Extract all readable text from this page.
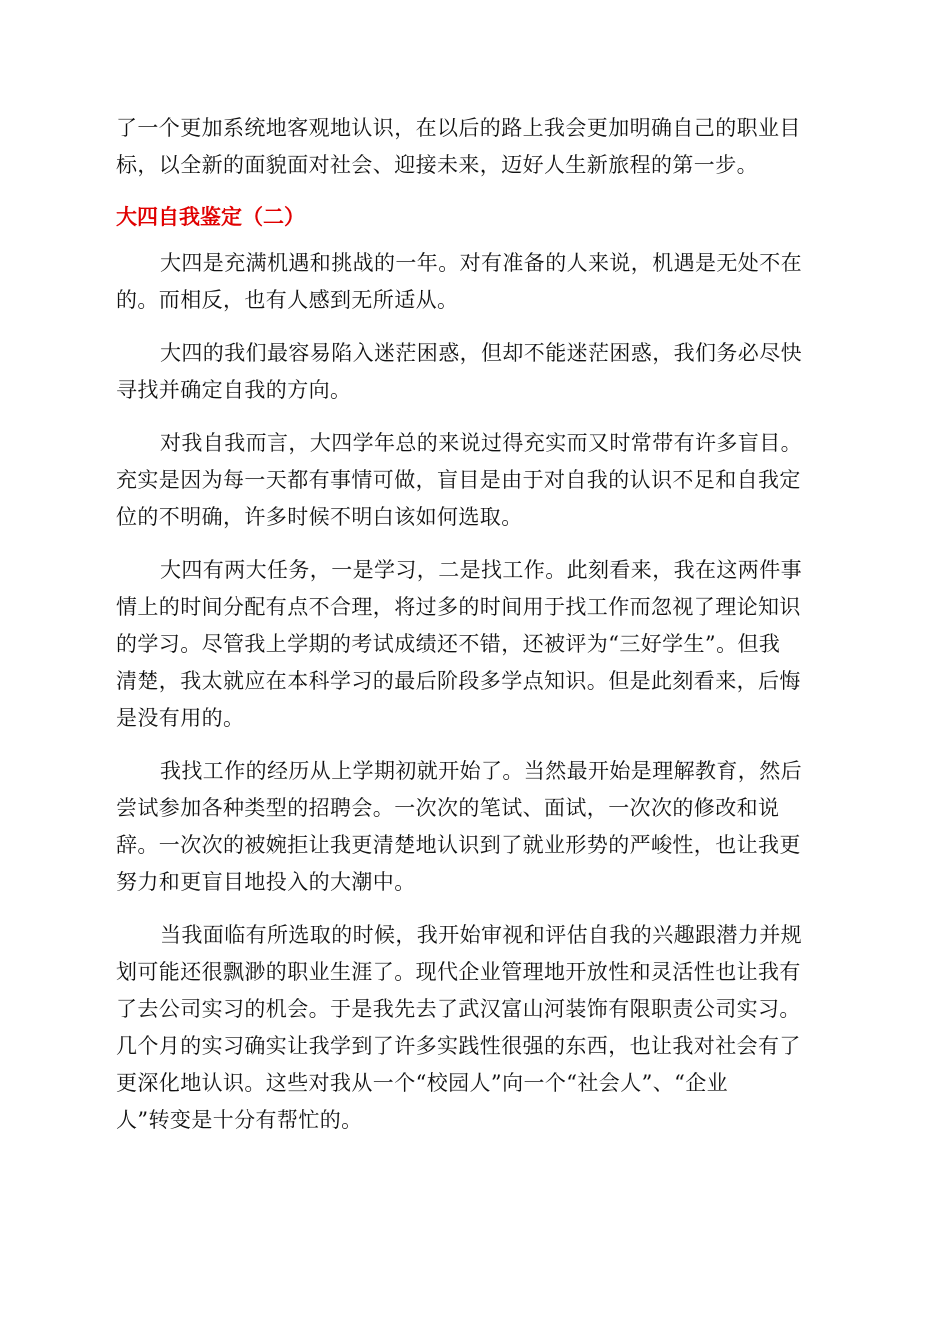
了一个更加系统地客观地认识，在以后的路上我会更加明确自己的职业目
标，以全新的面貌面对社会、迎接未来，迈好人生新旅程的第一步。
大四自我鉴定（二）
大四是充满机遇和挑战的一年。对有准备的人来说，机遇是无处不在
的。而相反，也有人感到无所适从。
大四的我们最容易陷入迷茫困惑，但却不能迷茫困惑，我们务必尽快
寻找并确定自我的方向。
对我自我而言，大四学年总的来说过得充实而又时常带有许多盲目。
充实是因为每一天都有事情可做，盲目是由于对自我的认识不足和自我定
位的不明确，许多时候不明白该如何选取。
大四有两大任务，一是学习，二是找工作。此刻看来，我在这两件事
情上的时间分配有点不合理，将过多的时间用于找工作而忽视了理论知识
的学习。尽管我上学期的考试成绩还不错，还被评为“三好学生”。但我
清楚，我太就应在本科学习的最后阶段多学点知识。但是此刻看来，后悔
是没有用的。
我找工作的经历从上学期初就开始了。当然最开始是理解教育，然后
尝试参加各种类型的招聘会。一次次的笔试、面试，一次次的修改和说
辞。一次次的被婉拒让我更清楚地认识到了就业形势的严峻性，也让我更
努力和更盲目地投入的大潮中。
当我面临有所选取的时候，我开始审视和评估自我的兴趣跟潜力并规
划可能还很飘渺的职业生涯了。现代企业管理地开放性和灵活性也让我有
了去公司实习的机会。于是我先去了武汉富山河装饰有限职责公司实习。
几个月的实习确实让我学到了许多实践性很强的东西，也让我对社会有了
更深化地认识。这些对我从一个“校园人”向一个“社会人”、“企业
人”转变是十分有帮忙的。
